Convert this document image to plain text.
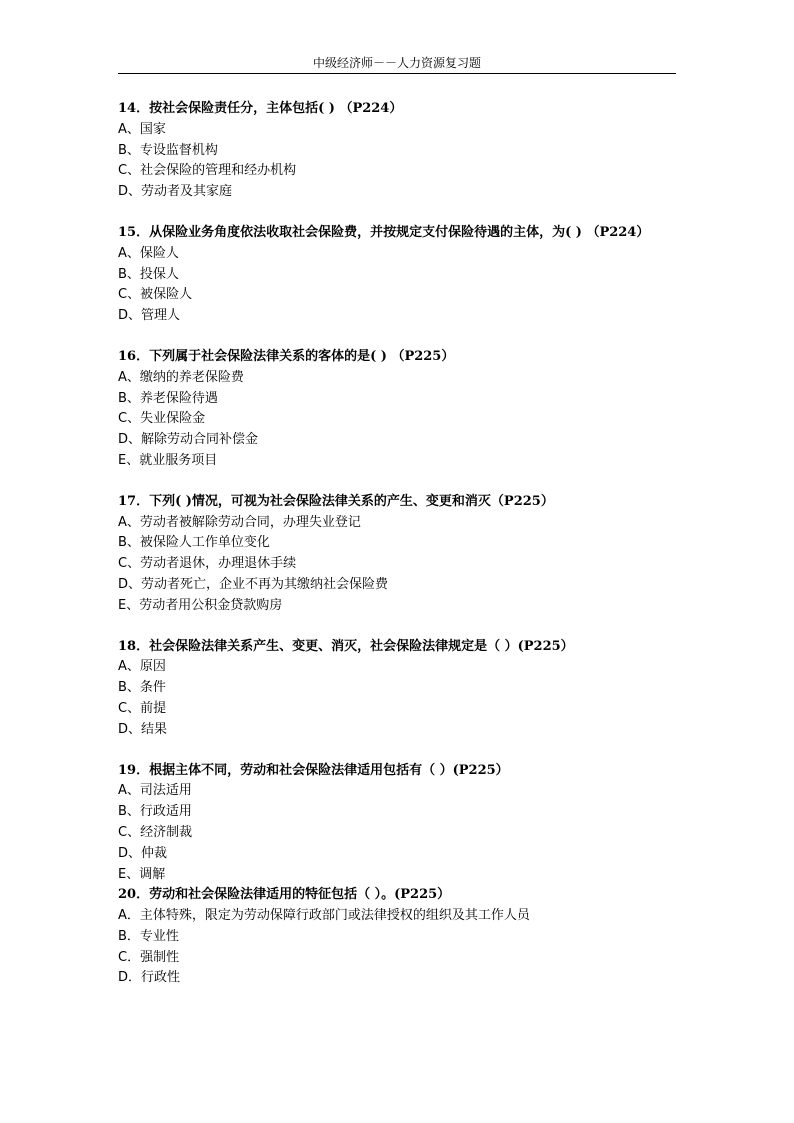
中级经济师－－人力资源复习题
14．按社会保险责任分，主体包括( ) （P224）
A、国家
B、专设监督机构
C、社会保险的管理和经办机构
D、劳动者及其家庭
15．从保险业务角度依法收取社会保险费，并按规定支付保险待遇的主体，为( ) （P224）
A、保险人
B、投保人
C、被保险人
D、管理人
16．下列属于社会保险法律关系的客体的是( ) （P225）
A、缴纳的养老保险费
B、养老保险待遇
C、失业保险金
D、解除劳动合同补偿金
E、就业服务项目
17．下列( )情况，可视为社会保险法律关系的产生、变更和消灭（P225）
A、劳动者被解除劳动合同，办理失业登记
B、被保险人工作单位变化
C、劳动者退休，办理退休手续
D、劳动者死亡，企业不再为其缴纳社会保险费
E、劳动者用公积金贷款购房
18．社会保险法律关系产生、变更、消灭，社会保险法律规定是（ ）(P225）
A、原因
B、条件
C、前提
D、结果
19．根据主体不同，劳动和社会保险法律适用包括有（ ）(P225）
A、司法适用
B、行政适用
C、经济制裁
D、仲裁
E、调解
20．劳动和社会保险法律适用的特征包括（ ）。(P225）
A．主体特殊，限定为劳动保障行政部门或法律授权的组织及其工作人员
B．专业性
C．强制性
D．行政性
